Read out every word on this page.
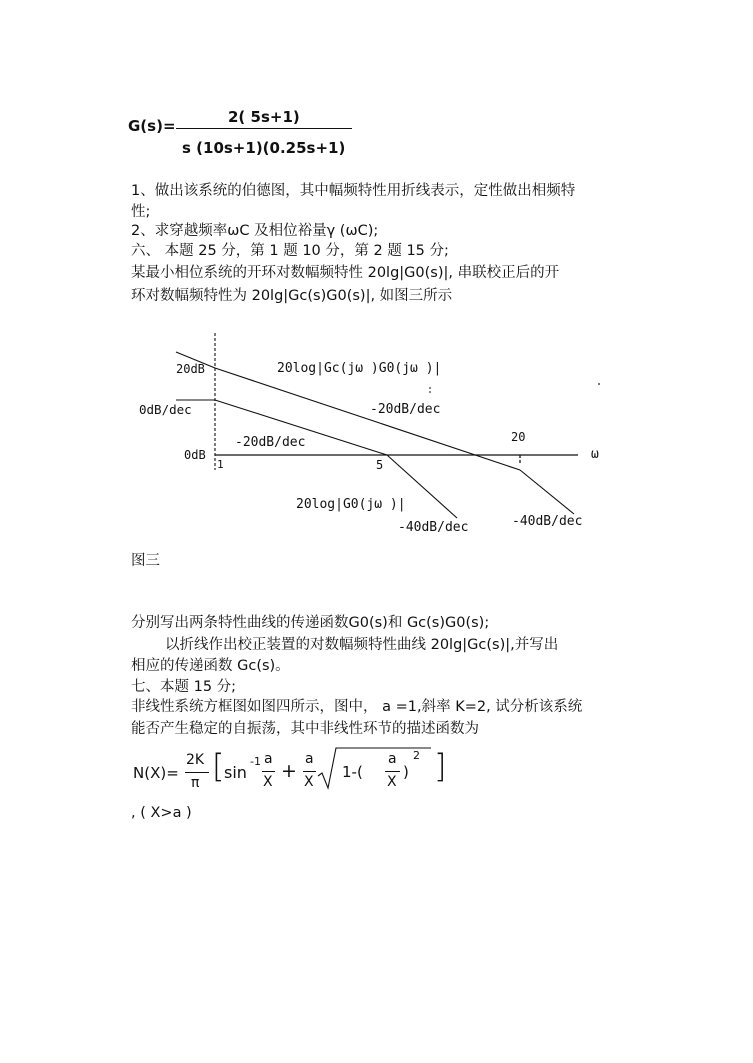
G(s)=	2( 5s+1)
s (10s+1)(0.25s+1)
1、做出该系统的伯德图，其中幅频特性用折线表示，定性做出相频特
性;
2、求穿越频率ωC 及相位裕量γ (ωC);
六、 本题 25 分，第 1 题 10 分，第 2 题 15 分;
某最小相位系统的开环对数幅频特性 20lg|G0(s)|, 串联校正后的开
环对数幅频特性为 20lg|Gc(s)G0(s)|, 如图三所示
20dB
0dB/dec
0dB
1	5
20
ω
20log|Gc(jω )G0(jω )|
-20dB/dec
-20dB/dec
20log|G0(jω )|
-40dB/dec	-40dB/dec
图三
分别写出两条特性曲线的传递函数G0(s)和 Gc(s)G0(s);
以折线作出校正装置的对数幅频特性曲线 20lg|Gc(s)|,并写出
相应的传递函数 Gc(s)。
七、本题 15 分;
非线性系统方框图如图四所示，图中， a =1,斜率 K=2, 试分析该系统
能否产生稳定的自振荡，其中非线性环节的描述函数为
N(X)=
2K
π [ sin
-1 a
X +
a
X
1-(
a
X
)
2 ]
, ( X>a )
